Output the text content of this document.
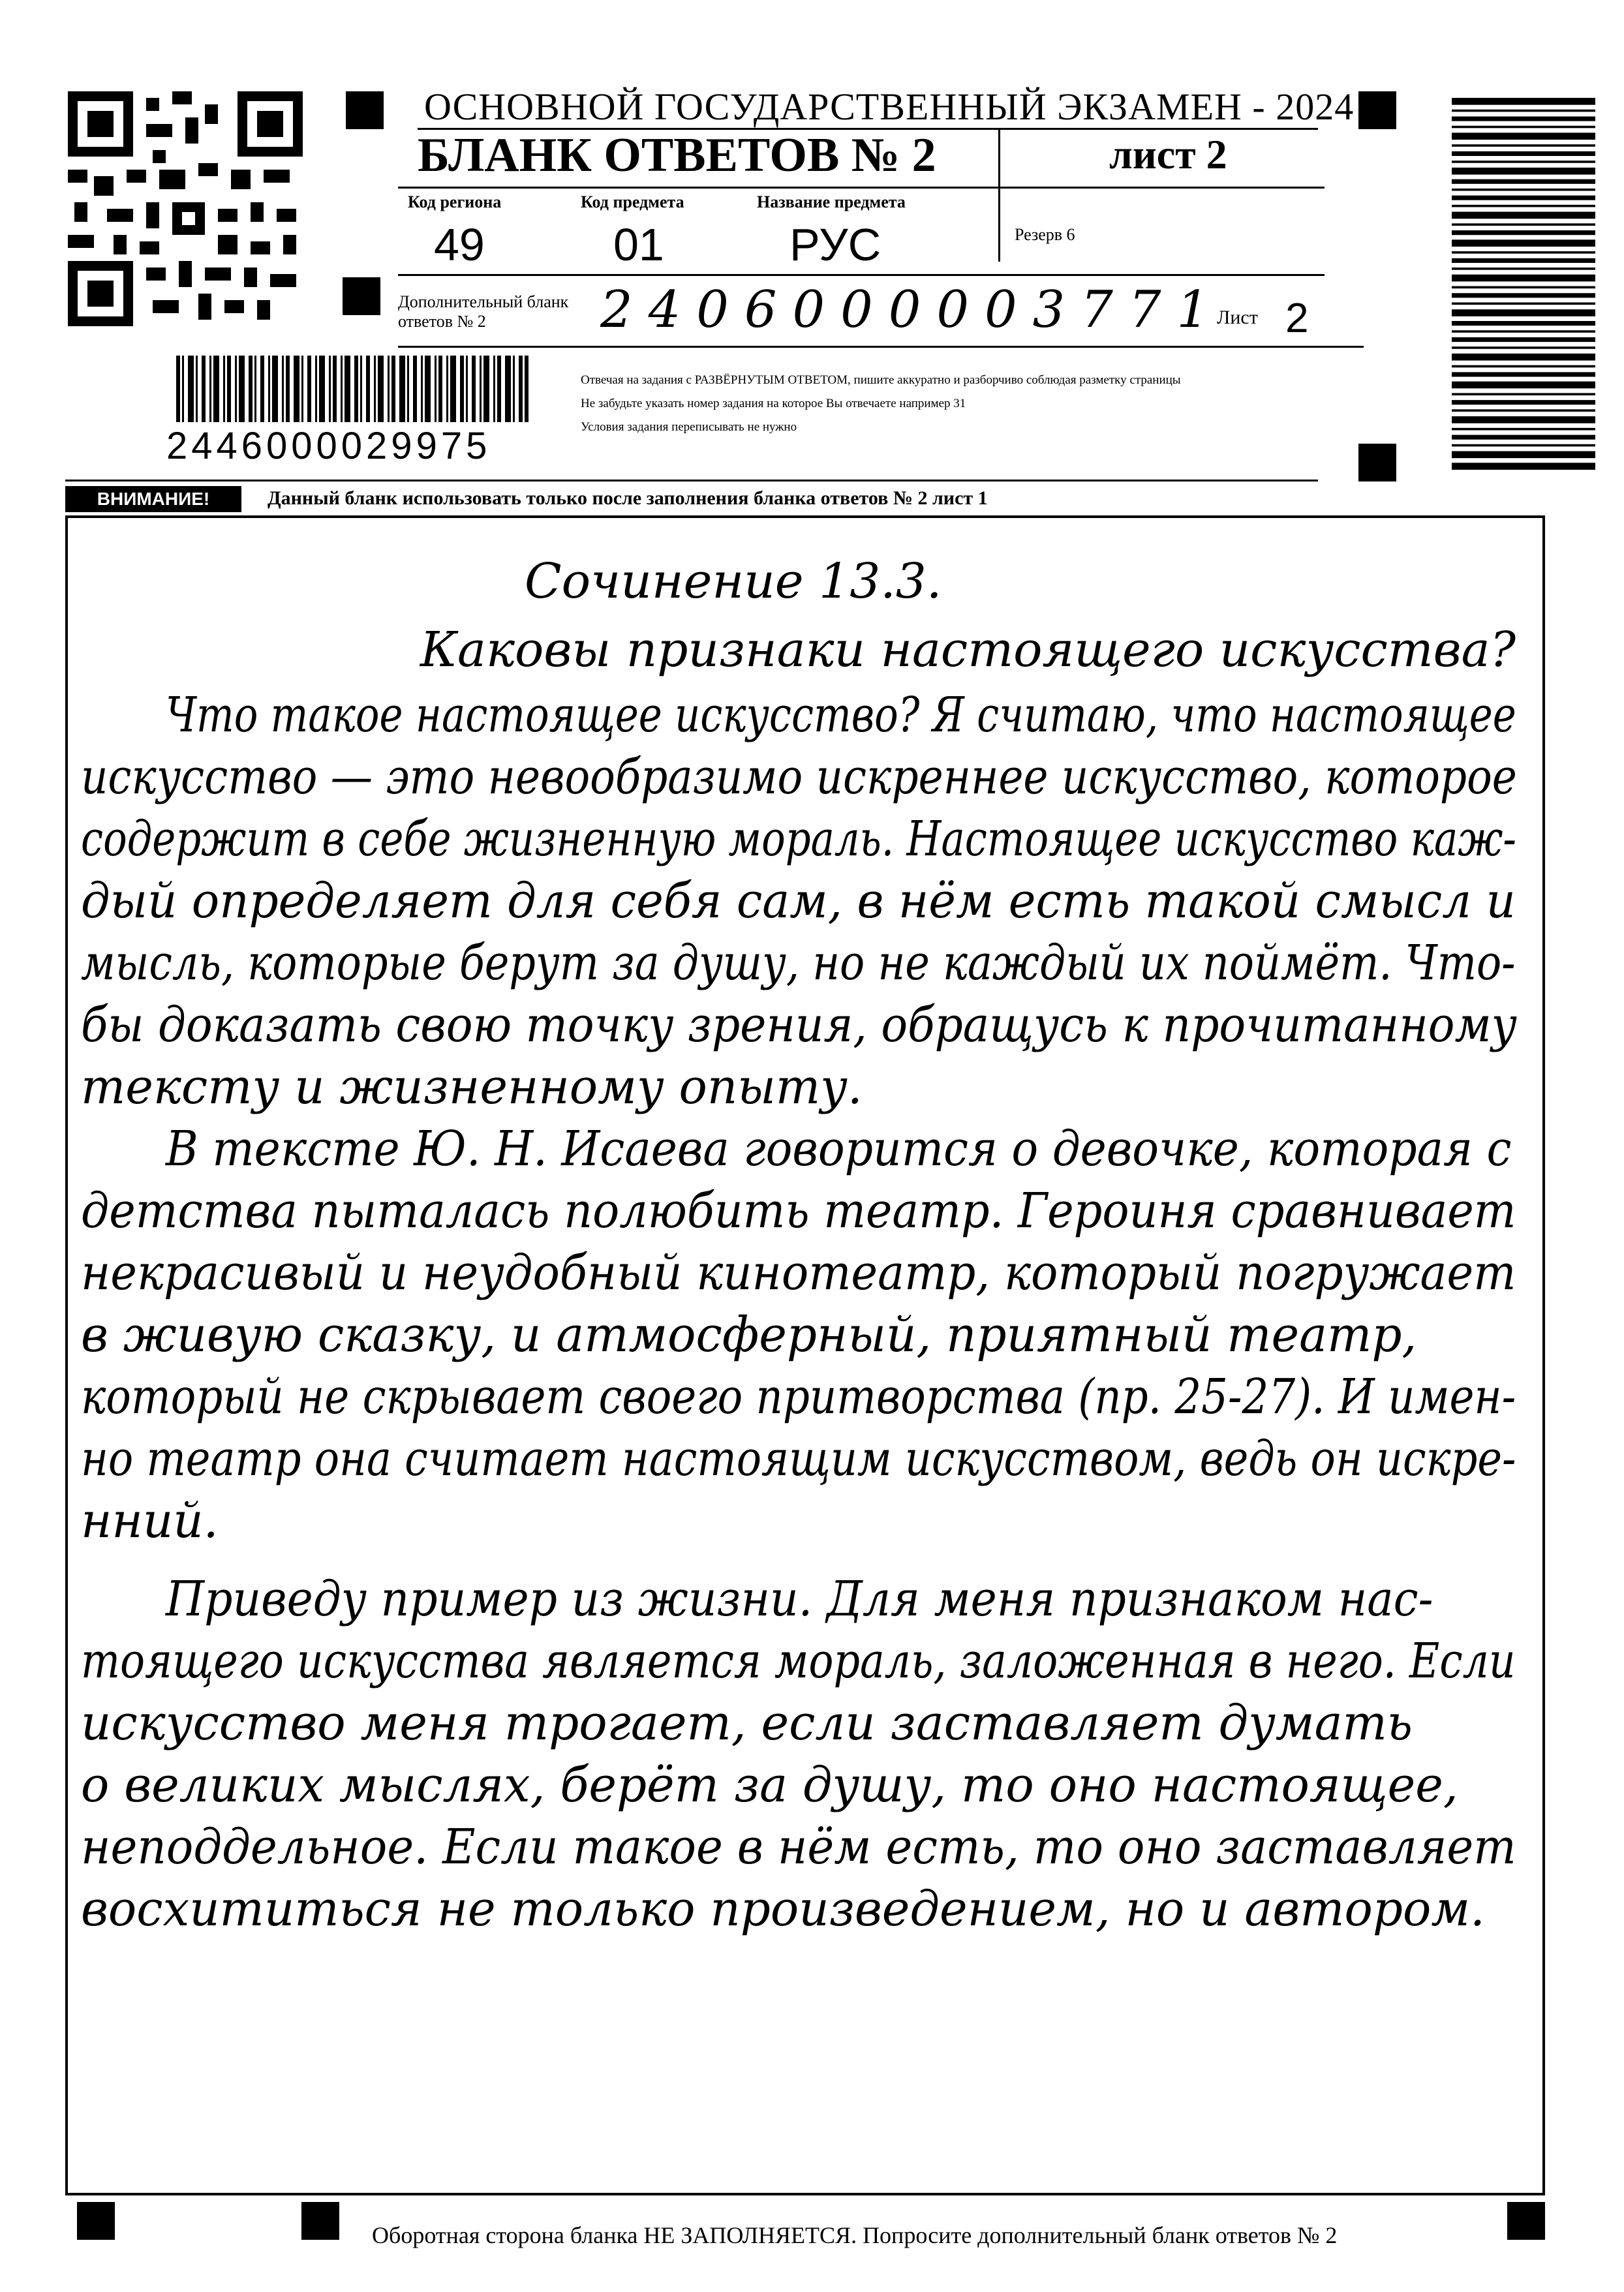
ОСНОВНОЙ ГОСУДАРСТВЕННЫЙ ЭКЗАМЕН - 2024
БЛАНК ОТВЕТОВ № 2	лист 2
Код региона
49
Код предмета
01
Название предмета
РУС	Резерв 6
Дополнительный бланк ответов № 2	2406000003771
Лист 2
Отвечая на задания с РАЗВЁРНУТЫМ ОТВЕТОМ, пишите аккуратно и разборчиво соблюдая разметку страницы
Не забудьте указать номер задания на которое Вы отвечаете например 31
Условия задания переписывать не нужно
2446000029975
ВНИМАНИЕ!	Данный бланк использовать только после заполнения бланка ответов № 2 лист 1
Сочинение 13.3.
Каковы признаки настоящего искусства?
Что такое настоящее искусство? Я считаю, что настоящее
искусство — это невообразимо искреннее искусство, которое
содержит в себе жизненную мораль. Настоящее искусство каж-
дый определяет для себя сам, в нём есть такой смысл и
мысль, которые берут за душу, но не каждый их поймёт. Что-
бы доказать свою точку зрения, обращусь к прочитанному
тексту и жизненному опыту.
В тексте Ю. Н. Исаева говорится о девочке, которая с
детства пыталась полюбить театр. Героиня сравнивает
некрасивый и неудобный кинотеатр, который погружает
в живую сказку, и атмосферный, приятный театр,
который не скрывает своего притворства (пр. 25-27). И имен-
но театр она считает настоящим искусством, ведь он искре-
нний.
Приведу пример из жизни. Для меня признаком нас-
тоящего искусства является мораль, заложенная в него. Если
искусство меня трогает, если заставляет думать
о великих мыслях, берёт за душу, то оно настоящее,
неподдельное. Если такое в нём есть, то оно заставляет
восхититься не только произведением, но и автором.
Оборотная сторона бланка НЕ ЗАПОЛНЯЕТСЯ. Попросите дополнительный бланк ответов № 2
